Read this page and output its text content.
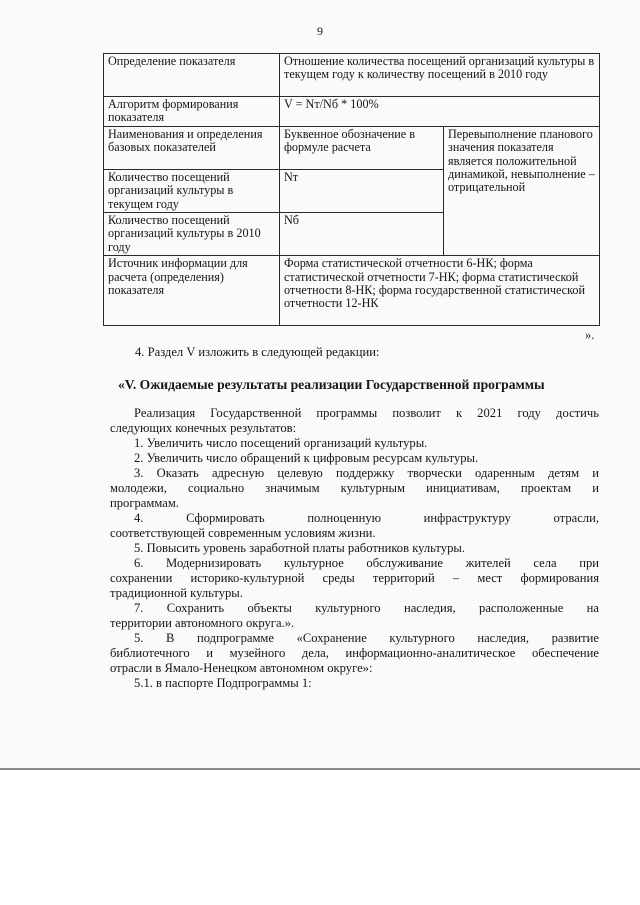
9
Определение показателя	Отношение количества посещений организаций культуры в текущем году к количеству посещений в 2010 году	
Алгоритм формирования показателя	V = Nт/Nб * 100%	
Наименования и определения базовых показателей	Буквенное обозначение в формуле расчета	Перевыполнение планового значения показателя является положительной динамикой, невыполнение – отрицательной
Количество посещений организаций культуры в текущем году	Nт	
Количество посещений организаций культуры в 2010 году	Nб	
Источник информации для расчета (определения) показателя	Форма статистической отчетности 6-НК; форма статистической отчетности 7-НК; форма статистической отчетности 8-НК; форма государственной статистической отчетности 12-НК	
».
4. Раздел V изложить в следующей редакции:
«V. Ожидаемые результаты реализации Государственной программы
Реализация Государственной программы позволит к 2021 году достичь
следующих конечных результатов:
1. Увеличить число посещений организаций культуры.
2. Увеличить число обращений к цифровым ресурсам культуры.
3. Оказать адресную целевую поддержку творчески одаренным детям и
молодежи, социально значимым культурным инициативам, проектам и
программам.
4. Сформировать полноценную инфраструктуру отрасли,
соответствующей современным условиям жизни.
5. Повысить уровень заработной платы работников культуры.
6. Модернизировать культурное обслуживание жителей села при
сохранении историко-культурной среды территорий – мест формирования
традиционной культуры.
7. Сохранить объекты культурного наследия, расположенные на
территории автономного округа.».
5. В подпрограмме «Сохранение культурного наследия, развитие
библиотечного и музейного дела, информационно-аналитическое обеспечение
отрасли в Ямало-Ненецком автономном округе»:
5.1. в паспорте Подпрограммы 1:
